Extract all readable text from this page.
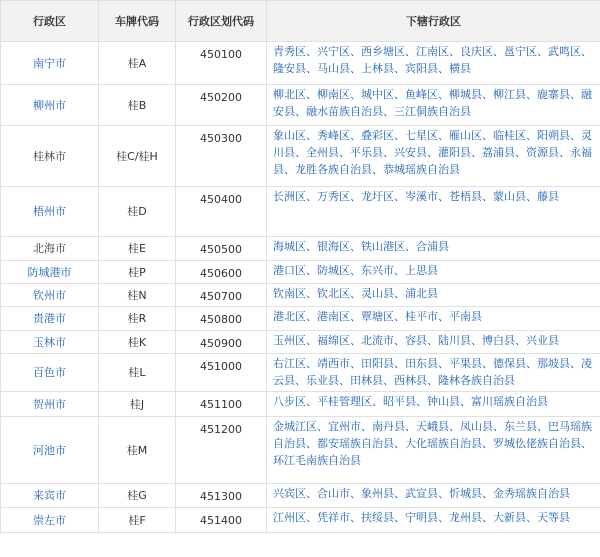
行政区	车牌代码	行政区划代码	下辖行政区
南宁市	桂A	450100	青秀区、兴宁区、西乡塘区、江南区、良庆区、邕宁区、武鸣区、隆安县、马山县、上林县、宾阳县、横县
柳州市	桂B	450200	柳北区、柳南区、城中区、鱼峰区、柳城县、柳江县、鹿寨县、融安县、融水苗族自治县、三江侗族自治县
桂林市	桂C/桂H	450300	象山区、秀峰区、叠彩区、七星区、雁山区、临桂区、阳朔县、灵川县、全州县、平乐县、兴安县、灌阳县、荔浦县、资源县、永福县、龙胜各族自治县、恭城瑶族自治县
梧州市	桂D	450400	长洲区、万秀区、龙圩区、岑溪市、苍梧县、蒙山县、藤县
北海市	桂E	450500	海城区、银海区、铁山港区、合浦县
防城港市	桂P	450600	港口区、防城区、东兴市、上思县
钦州市	桂N	450700	钦南区、钦北区、灵山县、浦北县
贵港市	桂R	450800	港北区、港南区、覃塘区、桂平市、平南县
玉林市	桂K	450900	玉州区、福绵区、北流市、容县、陆川县、博白县、兴业县
百色市	桂L	451000	右江区、靖西市、田阳县、田东县、平果县、德保县、那坡县、凌云县、乐业县、田林县、西林县、隆林各族自治县
贺州市	桂J	451100	八步区、平桂管理区、昭平县、钟山县、富川瑶族自治县
河池市	桂M	451200	金城江区、宜州市、南丹县、天峨县、凤山县、东兰县、巴马瑶族自治县、都安瑶族自治县、大化瑶族自治县、罗城仫佬族自治县、环江毛南族自治县
来宾市	桂G	451300	兴宾区、合山市、象州县、武宣县、忻城县、金秀瑶族自治县
崇左市	桂F	451400	江州区、凭祥市、扶绥县、宁明县、龙州县、大新县、天等县
